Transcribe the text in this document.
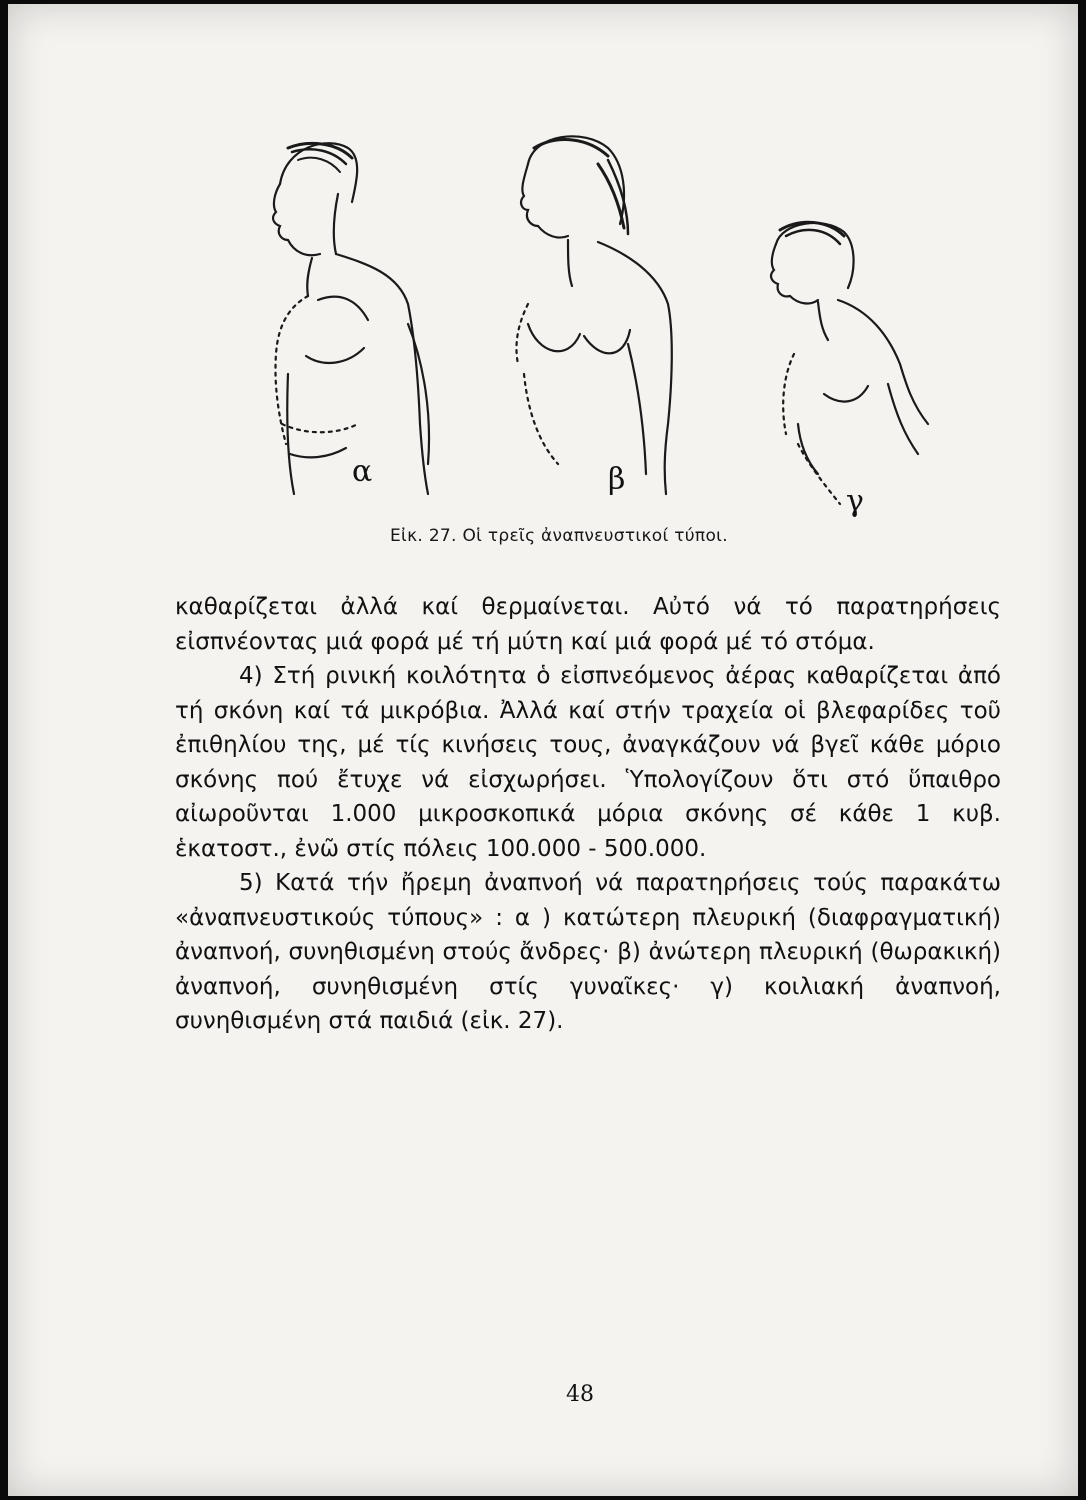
α	β
γ
Εἰκ. 27. Οἱ τρεῖς ἀναπνευστικοί τύποι.

καθαρίζεται ἀλλά καί θερμαίνεται. Αὐτό νά τό παρατηρήσεις εἰσπνέοντας μιά φορά μέ τή μύτη καί μιά φορά μέ τό στόμα.

4) Στή ρινική κοιλότητα ὁ εἰσπνεόμενος ἀέρας καθαρίζεται ἀπό τή σκόνη καί τά μικρόβια. Ἀλλά καί στήν τραχεία οἱ βλεφαρίδες τοῦ ἐπιθηλίου της, μέ τίς κινήσεις τους, ἀναγκάζουν νά βγεῖ κάθε μόριο σκόνης πού ἔτυχε νά εἰσχωρήσει. Ὑπολογίζουν ὅτι στό ὕπαιθρο αἰωροῦνται 1.000 μικροσκοπικά μόρια σκόνης σέ κάθε 1 κυβ. ἑκατοστ., ἐνῶ στίς πόλεις 100.000 - 500.000.

5) Κατά τήν ἤρεμη ἀναπνοή νά παρατηρήσεις τούς παρακάτω «ἀναπνευστικούς τύπους» : α ) κατώτερη πλευρική (διαφραγματική) ἀναπνοή, συνηθισμένη στούς ἄνδρες· β) ἀνώτερη πλευρική (θωρακική) ἀναπνοή, συνηθισμένη στίς γυναῖκες· γ) κοιλιακή ἀναπνοή, συνηθισμένη στά παιδιά (εἰκ. 27).

48
